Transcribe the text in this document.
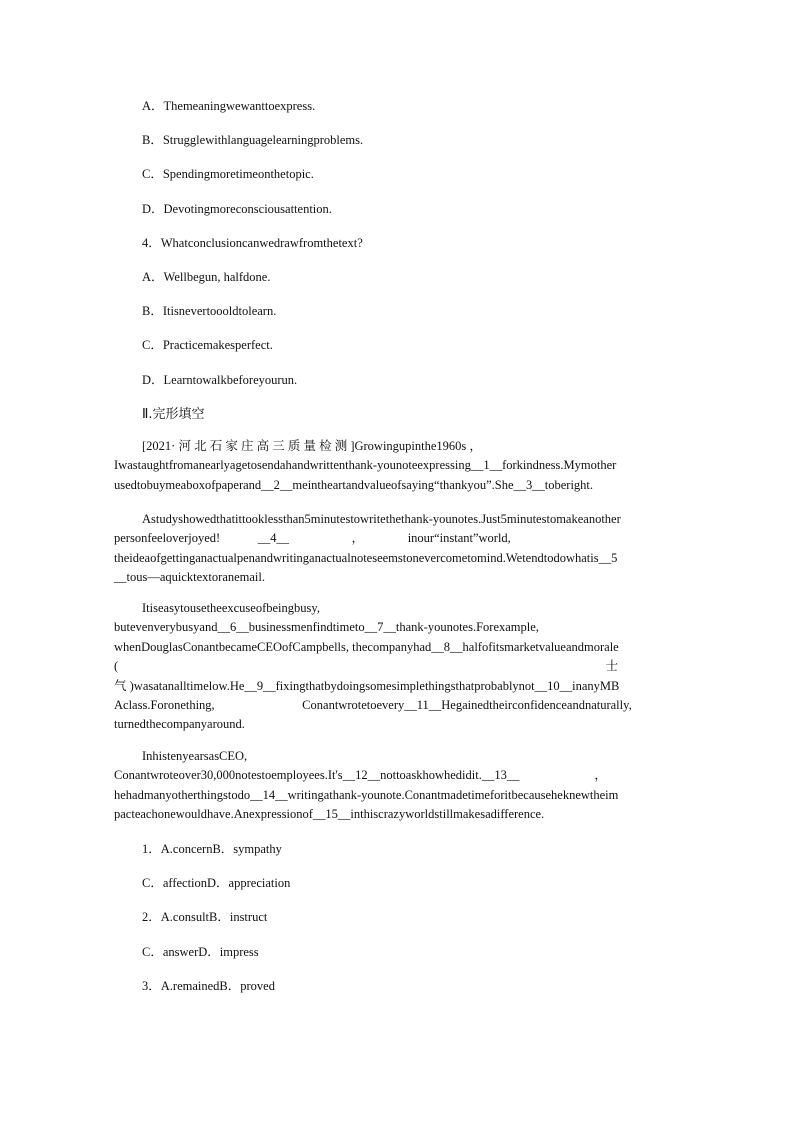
A．Themeaningwewanttoexpress.
B．Strugglewithlanguagelearningproblems.
C．Spendingmoretimeonthetopic.
D．Devotingmoreconsciousattention.
4．Whatconclusioncanwedrawfromthetext?
A．Wellbegun, halfdone.
B．Itisnevertoooldtolearn.
C．Practicemakesperfect.
D．Learntowalkbeforeyourun.
Ⅱ.完形填空
[2021· 河 北 石 家 庄 高 三 质 量 检 测 ]Growingupinthe1960s ，
Iwastaughtfromanearlyagetosendahandwrittenthank-younoteexpressing__1__forkindness.Mymother
usedtobuymeaboxofpaperand__2__meintheartandvalueofsaying“thankyou”.She__3__toberight.
Astudyshowedthatittooklessthan5minutestowritethethank-younotes.Just5minutestomakeanother
personfeeloverjoyed!　　　__4__　　　　　，　　　　inour“instant”world,
theideaofgettinganactualpenandwritinganactualnoteseemstonevercometomind.Wetendtodowhatis__5
__tous—aquicktextoranemail.
Itiseasytousetheexcuseofbeingbusy,
butevenverybusyand__6__businessmenfindtimeto__7__thank-younotes.Forexample,
whenDouglasConantbecameCEOofCampbells, thecompanyhad__8__halfofitsmarketvalueandmorale
(　　　　　　　　　　　　　　　　　　　　　　　　　　　　　　　　　　　　　　　士
气 )wasatanalltimelow.He__9__fixingthatbydoingsomesimplethingsthatprobablynot__10__inanyMB
Aclass.Foronething,　　　　　　　Conantwrotetoevery__11__Hegainedtheirconfidenceandnaturally,
turnedthecompanyaround.
InhistenyearsasCEO,
Conantwroteover30,000notestoemployees.It's__12__nottoaskhowhedidit.__13__　　　　　　，
hehadmanyotherthingstodo__14__writingathank-younote.Conantmadetimeforitbecauseheknewtheim
pacteachonewouldhave.Anexpressionof__15__inthiscrazyworldstillmakesadifference.
1．A.concernB．sympathy
C．affectionD．appreciation
2．A.consultB．instruct
C．answerD．impress
3．A.remainedB．proved
